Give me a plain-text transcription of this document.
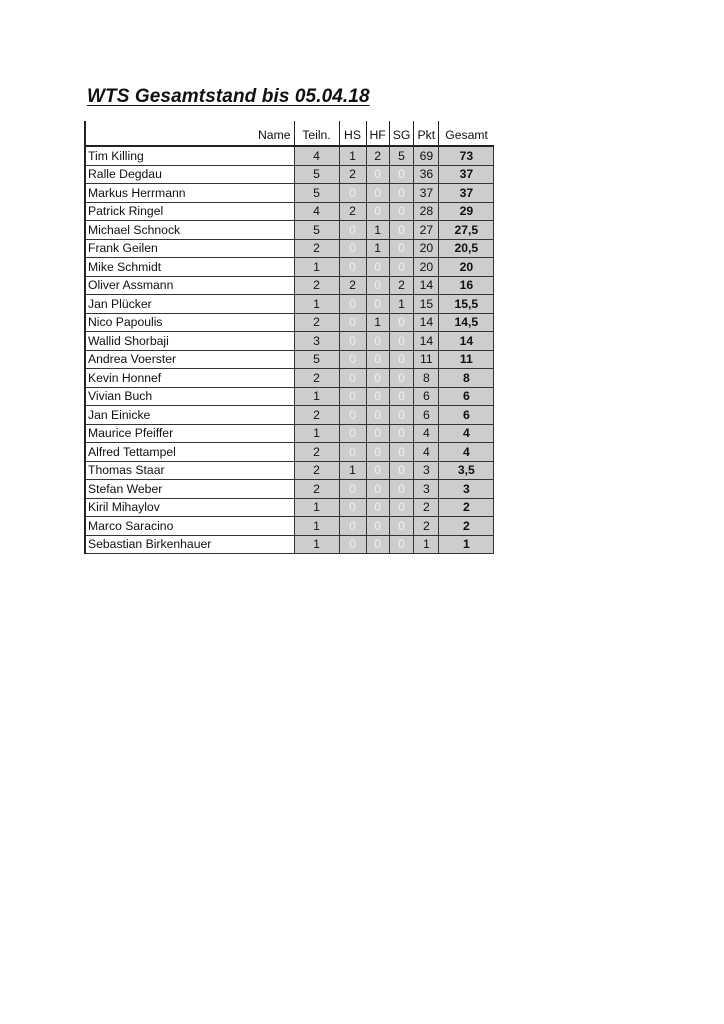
WTS Gesamtstand bis 05.04.18
Name	Teiln.	HS	HF	SG	Pkt	Gesamt
Tim Killing	4	1	2	5	69	73
Ralle Degdau	5	2	0	0	36	37
Markus Herrmann	5	0	0	0	37	37
Patrick Ringel	4	2	0	0	28	29
Michael Schnock	5	0	1	0	27	27,5
Frank Geilen	2	0	1	0	20	20,5
Mike Schmidt	1	0	0	0	20	20
Oliver Assmann	2	2	0	2	14	16
Jan Plücker	1	0	0	1	15	15,5
Nico Papoulis	2	0	1	0	14	14,5
Wallid Shorbaji	3	0	0	0	14	14
Andrea Voerster	5	0	0	0	11	11
Kevin Honnef	2	0	0	0	8	8
Vivian Buch	1	0	0	0	6	6
Jan Einicke	2	0	0	0	6	6
Maurice Pfeiffer	1	0	0	0	4	4
Alfred Tettampel	2	0	0	0	4	4
Thomas Staar	2	1	0	0	3	3,5
Stefan Weber	2	0	0	0	3	3
Kiril Mihaylov	1	0	0	0	2	2
Marco Saracino	1	0	0	0	2	2
Sebastian Birkenhauer	1	0	0	0	1	1
